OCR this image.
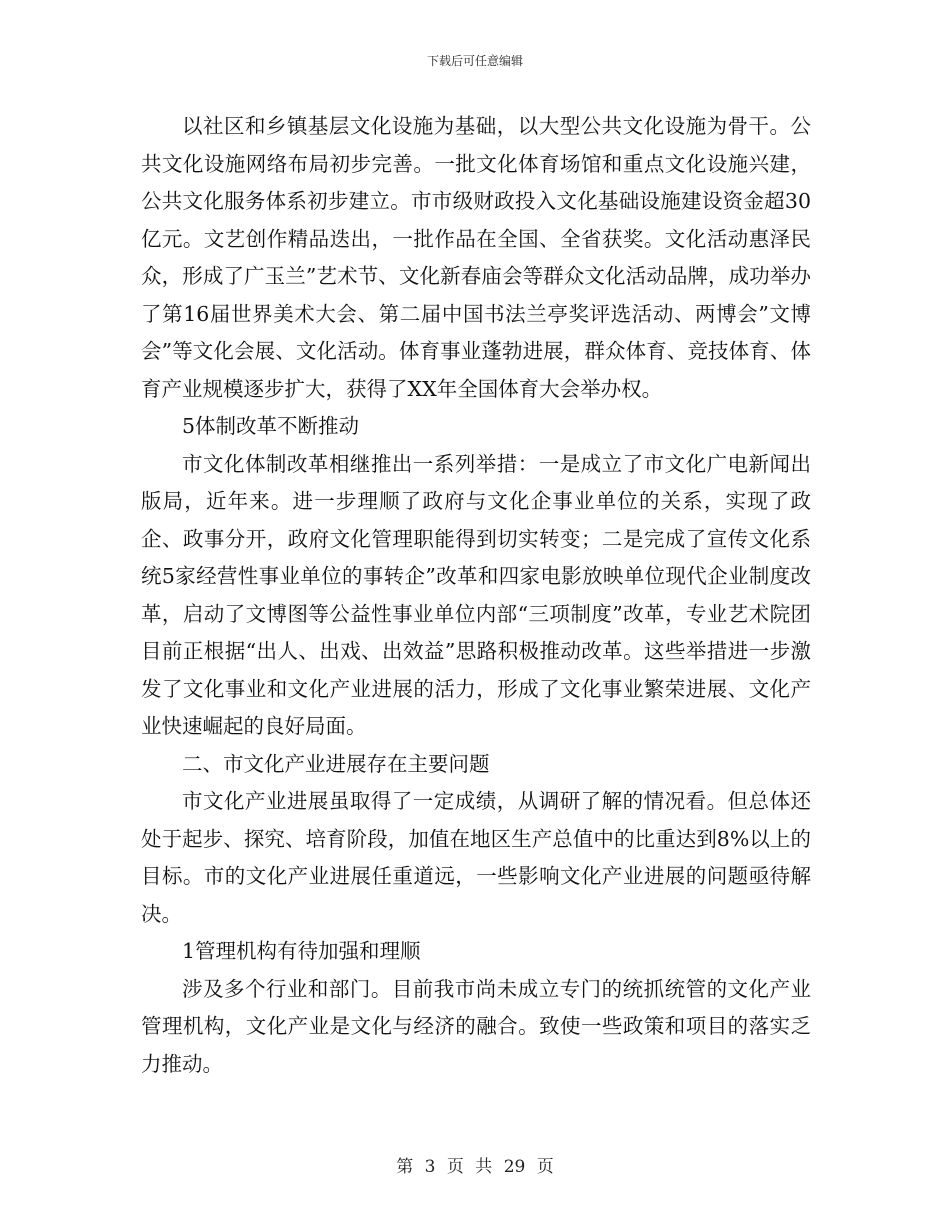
下载后可任意编辑

以社区和乡镇基层文化设施为基础，以大型公共文化设施为骨干。公共文化设施网络布局初步完善。一批文化体育场馆和重点文化设施兴建，公共文化服务体系初步建立。市市级财政投入文化基础设施建设资金超30亿元。文艺创作精品迭出，一批作品在全国、全省获奖。文化活动惠泽民众，形成了广玉兰”艺术节、文化新春庙会等群众文化活动品牌，成功举办了第16届世界美术大会、第二届中国书法兰亭奖评选活动、两博会”文博会”等文化会展、文化活动。体育事业蓬勃进展，群众体育、竞技体育、体育产业规模逐步扩大，获得了XX年全国体育大会举办权。

5体制改革不断推动

市文化体制改革相继推出一系列举措：一是成立了市文化广电新闻出版局，近年来。进一步理顺了政府与文化企事业单位的关系，实现了政企、政事分开，政府文化管理职能得到切实转变；二是完成了宣传文化系统5家经营性事业单位的事转企”改革和四家电影放映单位现代企业制度改革，启动了文博图等公益性事业单位内部“三项制度”改革，专业艺术院团目前正根据“出人、出戏、出效益”思路积极推动改革。这些举措进一步激发了文化事业和文化产业进展的活力，形成了文化事业繁荣进展、文化产业快速崛起的良好局面。

二、市文化产业进展存在主要问题

市文化产业进展虽取得了一定成绩，从调研了解的情况看。但总体还处于起步、探究、培育阶段，加值在地区生产总值中的比重达到8%以上的目标。市的文化产业进展任重道远，一些影响文化产业进展的问题亟待解决。

1管理机构有待加强和理顺

涉及多个行业和部门。目前我市尚未成立专门的统抓统管的文化产业管理机构，文化产业是文化与经济的融合。致使一些政策和项目的落实乏力推动。

第 3 页 共 29 页
